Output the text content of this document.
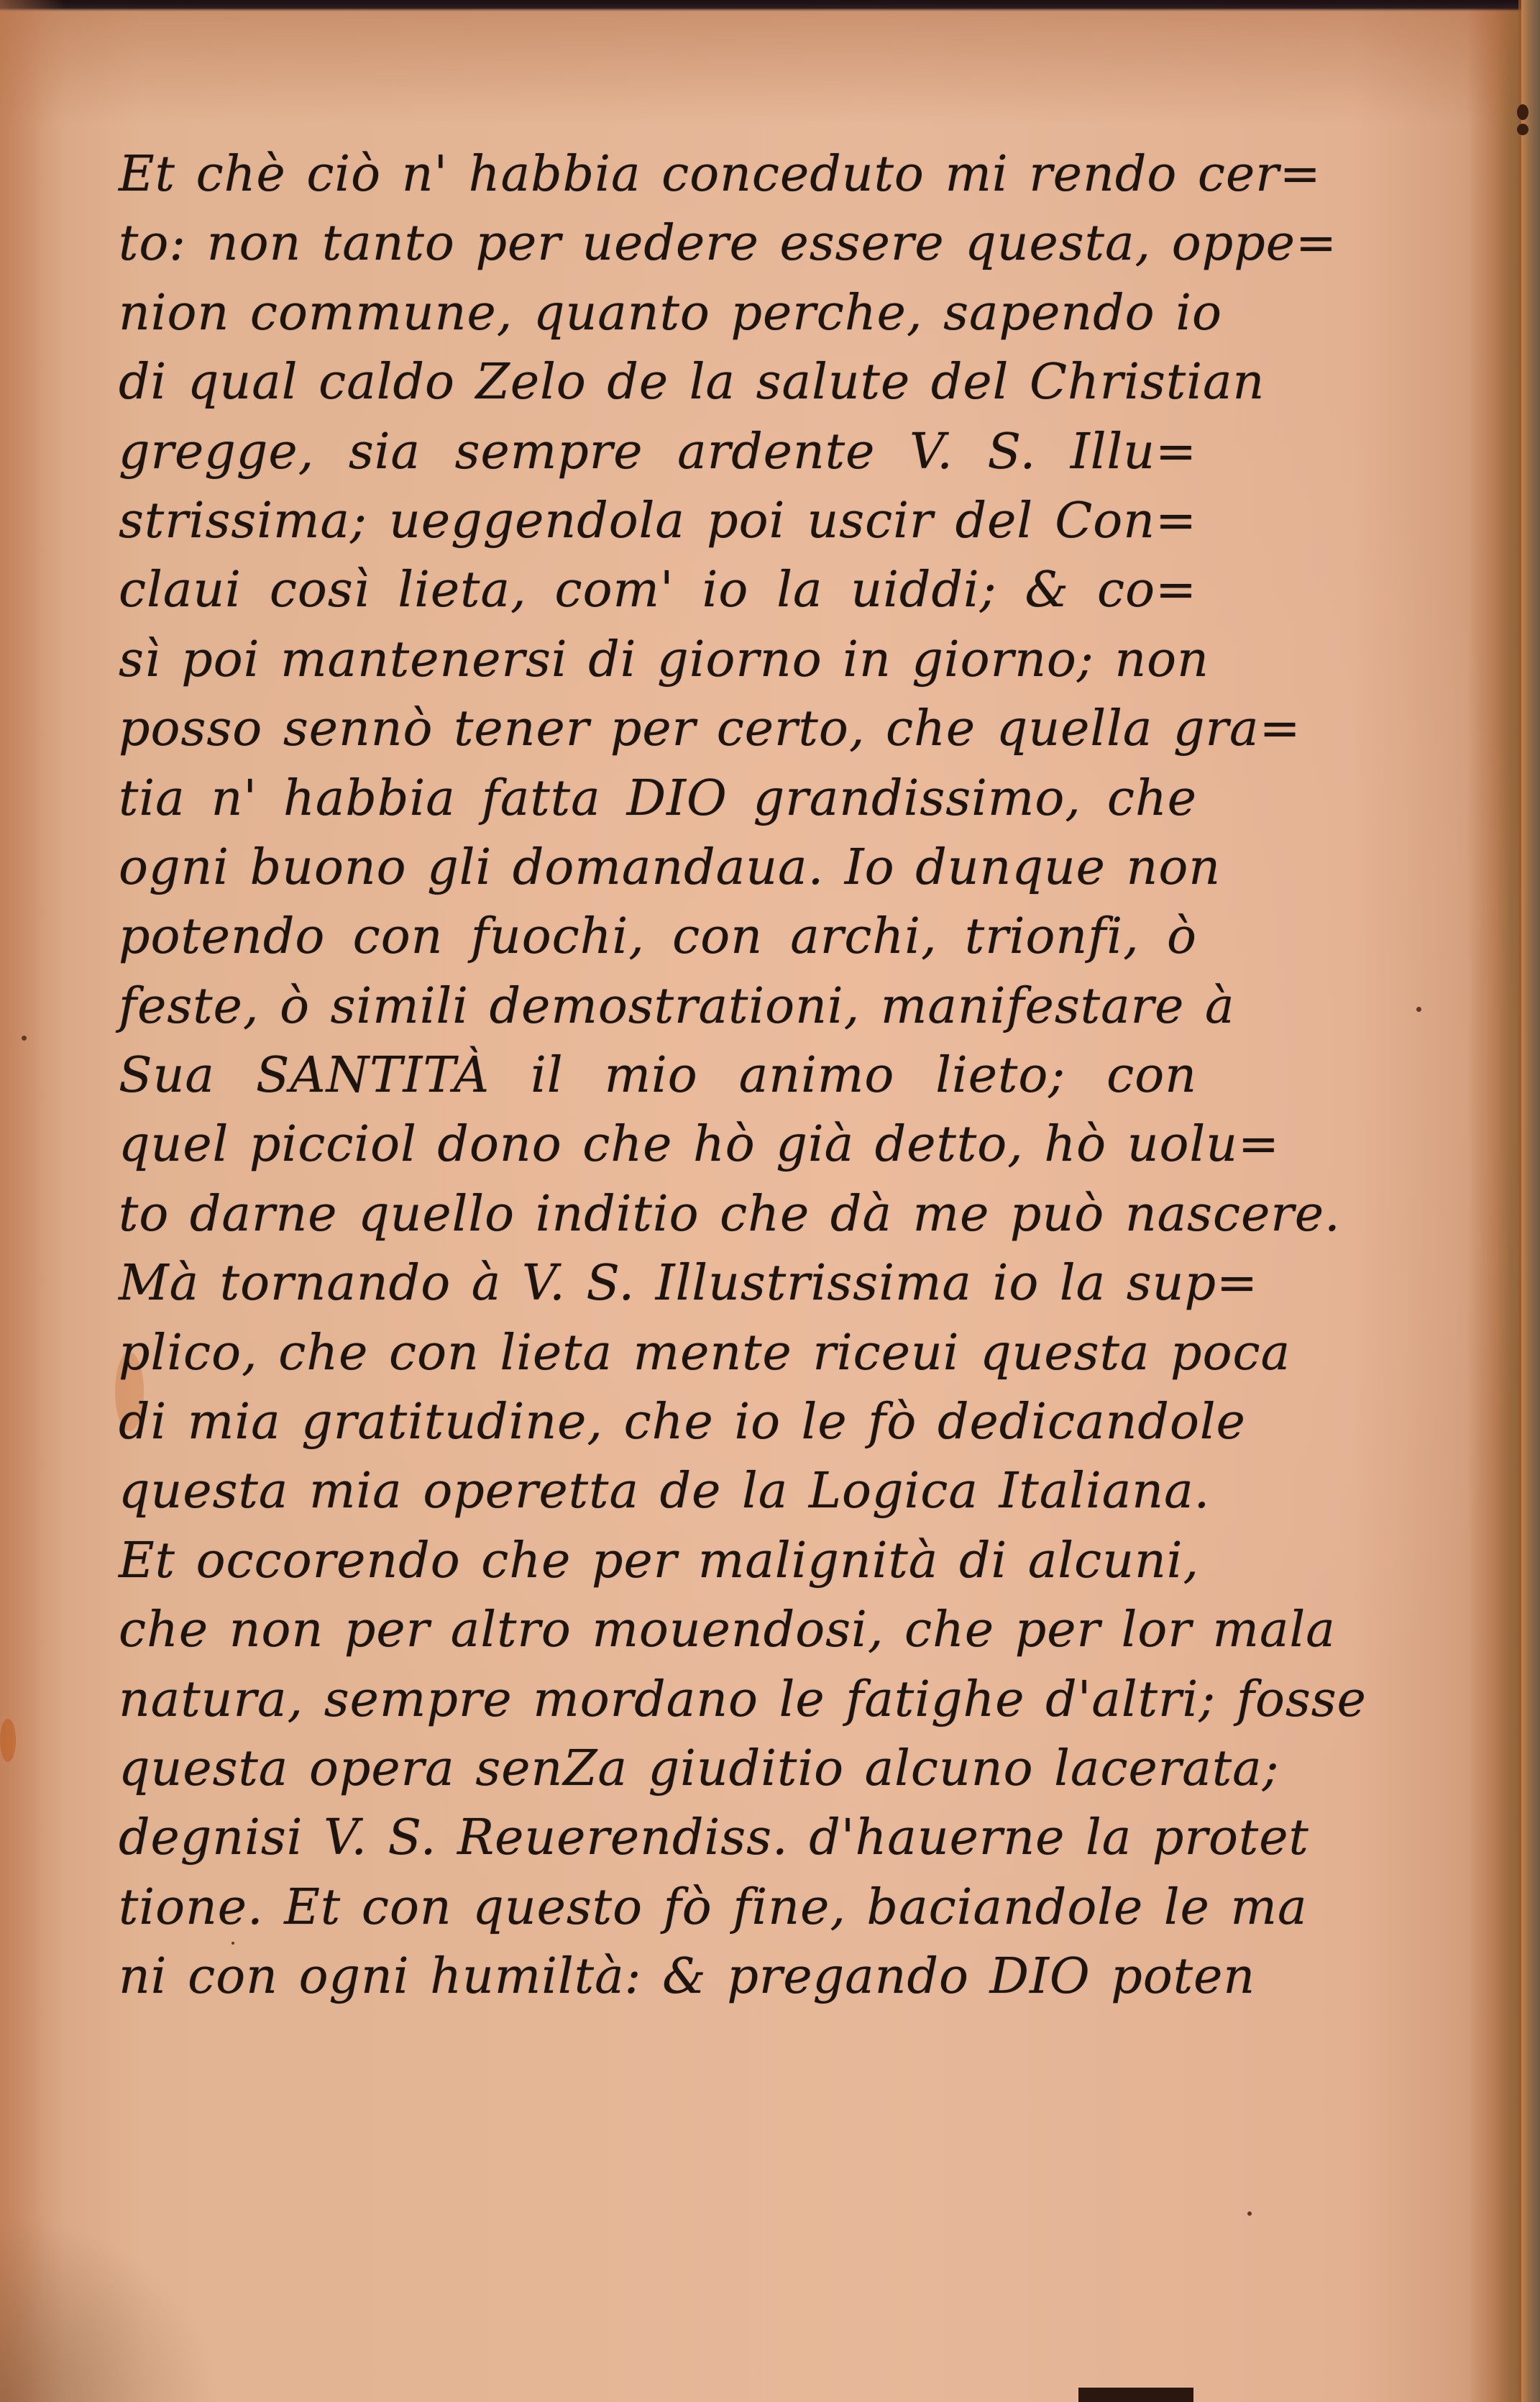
Et chè ciò n' habbia conceduto mi rendo cer=
to: non tanto per uedere essere questa, oppe=
nion commune, quanto perche, sapendo io
di qual caldo Zelo de la salute del Christian
gregge, sia sempre ardente V. S. Illu=
strissima; ueggendola poi uscir del Con=
claui così lieta, com' io la uiddi; & co=
sì poi mantenersi di giorno in giorno; non
posso sennò tener per certo, che quella gra=
tia n' habbia fatta DIO grandissimo, che
ogni buono gli domandaua. Io dunque non
potendo con fuochi, con archi, trionfi, ò
feste, ò simili demostrationi, manifestare à
Sua SANTITÀ il mio animo lieto; con
quel picciol dono che hò già detto, hò uolu=
to darne quello inditio che dà me può nascere.
Mà tornando à V. S. Illustrissima io la sup=
plico, che con lieta mente riceui questa poca
di mia gratitudine, che io le fò dedicandole
questa mia operetta de la Logica Italiana.
Et occorendo che per malignità di alcuni,
che non per altro mouendosi, che per lor mala
natura, sempre mordano le fatighe d'altri; fosse
questa opera senZa giuditio alcuno lacerata;
degnisi V. S. Reuerendiss. d'hauerne la protet
tione. Et con questo fò fine, baciandole le ma
ni con ogni humiltà: & pregando DIO poten
